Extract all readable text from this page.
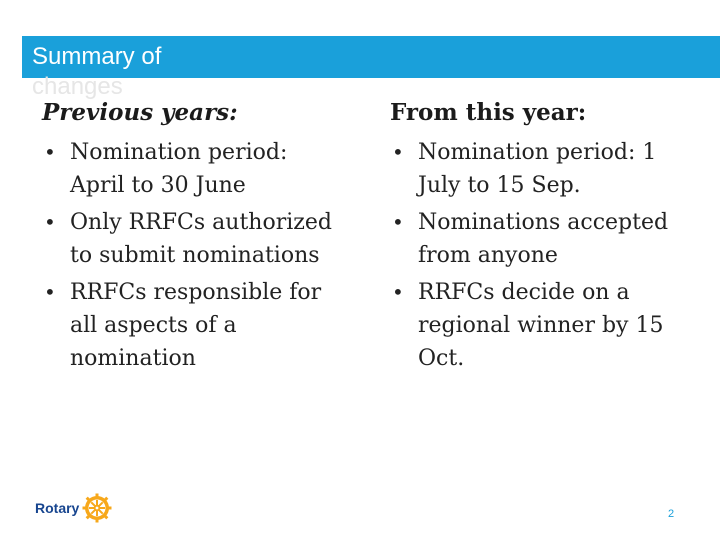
Summary of
changes
Previous years:
• Nomination period: April to 30 June
• Only RRFCs authorized to submit nominations
• RRFCs responsible for all aspects of a nomination
From this year:
• Nomination period: 1 July to 15 Sep.
• Nominations accepted from anyone
• RRFCs decide on a regional winner by 15 Oct.
Rotary	2
